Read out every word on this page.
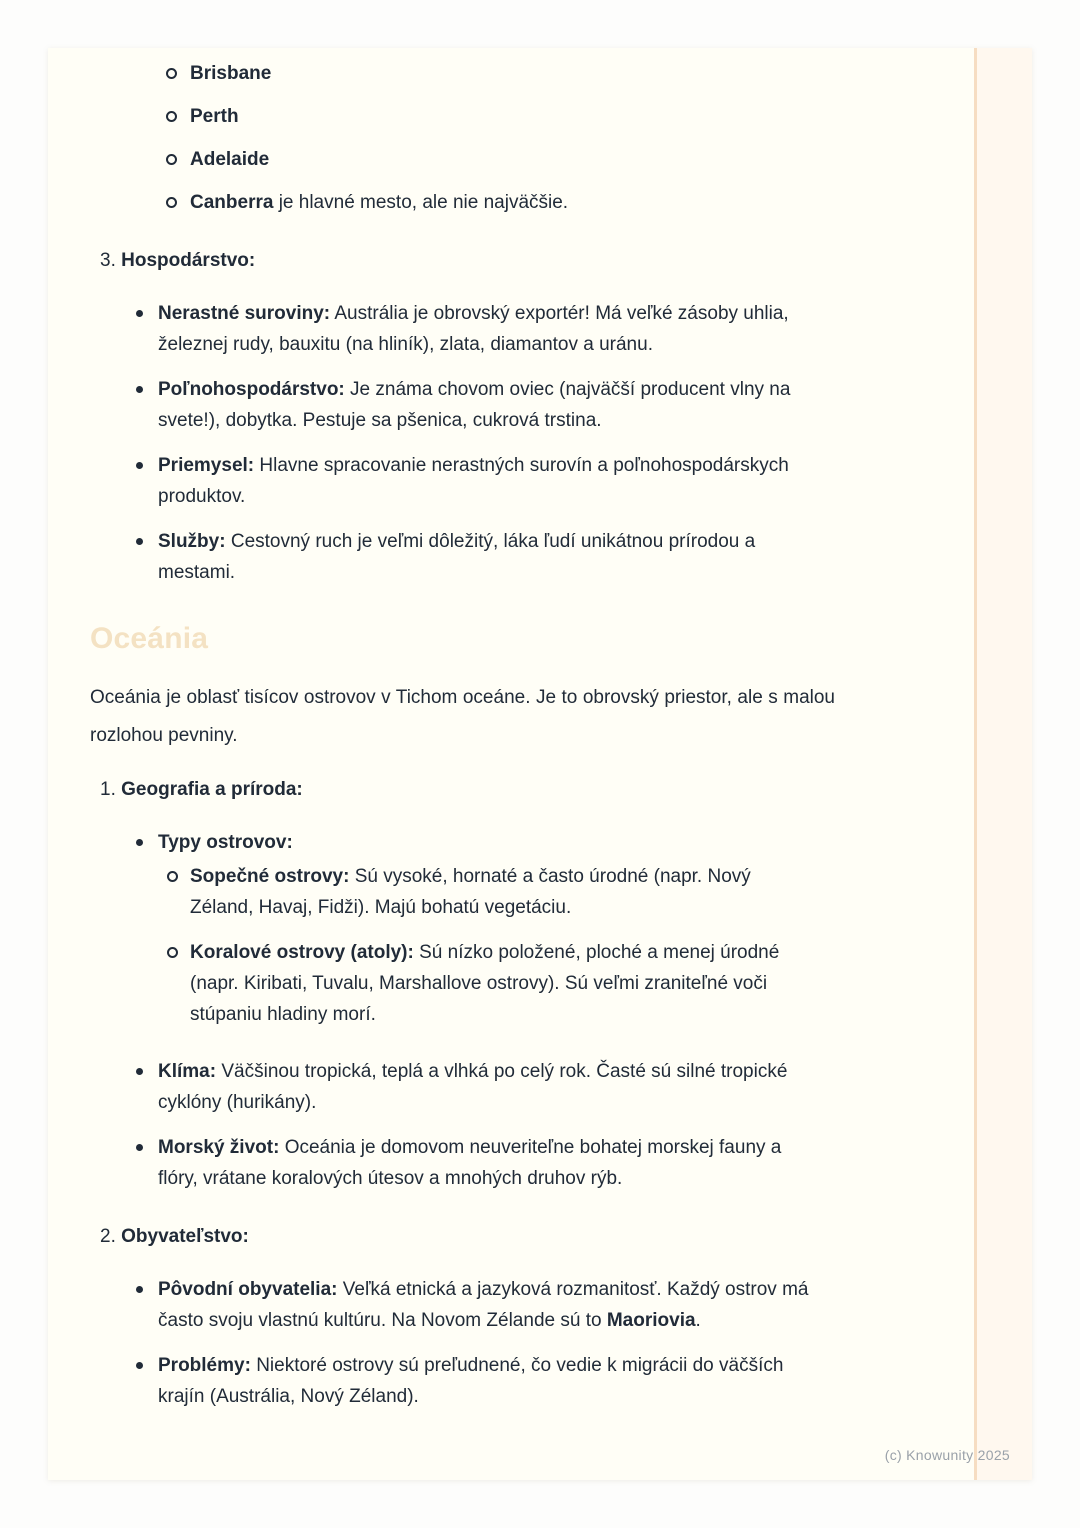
Brisbane
Perth
Adelaide
Canberra je hlavné mesto, ale nie najväčšie.
3. Hospodárstvo:
Nerastné suroviny: Austrália je obrovský exportér! Má veľké zásoby uhlia, železnej rudy, bauxitu (na hliník), zlata, diamantov a uránu.
Poľnohospodárstvo: Je známa chovom oviec (najväčší producent vlny na svete!), dobytka. Pestuje sa pšenica, cukrová trstina.
Priemysel: Hlavne spracovanie nerastných surovín a poľnohospodárskych produktov.
Služby: Cestovný ruch je veľmi dôležitý, láka ľudí unikátnou prírodou a mestami.
Oceánia

Oceánia je oblasť tisícov ostrovov v Tichom oceáne. Je to obrovský priestor, ale s malou rozlohou pevniny.

1. Geografia a príroda:
Typy ostrovov:
Sopečné ostrovy: Sú vysoké, hornaté a často úrodné (napr. Nový Zéland, Havaj, Fidži). Majú bohatú vegetáciu.
Koralové ostrovy (atoly): Sú nízko položené, ploché a menej úrodné (napr. Kiribati, Tuvalu, Marshallove ostrovy). Sú veľmi zraniteľné voči stúpaniu hladiny morí.
Klíma: Väčšinou tropická, teplá a vlhká po celý rok. Časté sú silné tropické cyklóny (hurikány).
Morský život: Oceánia je domovom neuveriteľne bohatej morskej fauny a flóry, vrátane koralových útesov a mnohých druhov rýb.
2. Obyvateľstvo:
Pôvodní obyvatelia: Veľká etnická a jazyková rozmanitosť. Každý ostrov má často svoju vlastnú kultúru. Na Novom Zélande sú to Maoriovia.
Problémy: Niektoré ostrovy sú preľudnené, čo vedie k migrácii do väčších krajín (Austrália, Nový Zéland).
(c) Knowunity 2025
